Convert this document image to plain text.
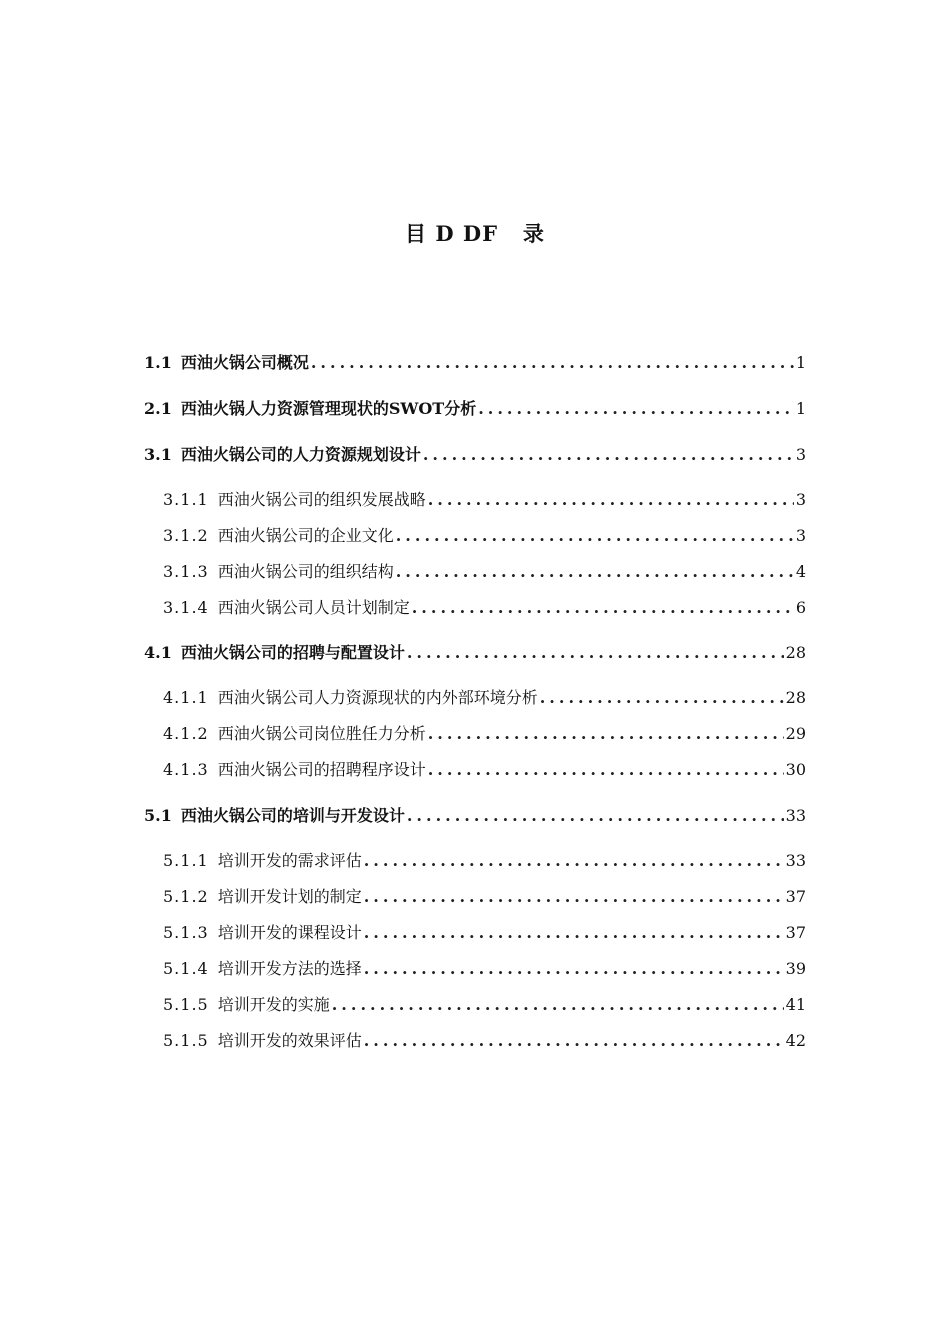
目 D DF   录
1.1 西油火锅公司概况 .....	1
2.1 西油火锅人力资源管理现状的SWOT分析 .....	1
3.1 西油火锅公司的人力资源规划设计 .....	3
3.1.1 西油火锅公司的组织发展战略 .....	3
3.1.2 西油火锅公司的企业文化 .....	3
3.1.3 西油火锅公司的组织结构 .....	4
3.1.4 西油火锅公司人员计划制定 .....	6
4.1 西油火锅公司的招聘与配置设计 .....	28
4.1.1 西油火锅公司人力资源现状的内外部环境分析 .....	28
4.1.2 西油火锅公司岗位胜任力分析 .....	29
4.1.3 西油火锅公司的招聘程序设计 .....	30
5.1 西油火锅公司的培训与开发设计 .....	33
5.1.1 培训开发的需求评估 .....	33
5.1.2 培训开发计划的制定 .....	37
5.1.3 培训开发的课程设计 .....	37
5.1.4 培训开发方法的选择 .....	39
5.1.5 培训开发的实施 .....	41
5.1.5 培训开发的效果评估 .....	42
